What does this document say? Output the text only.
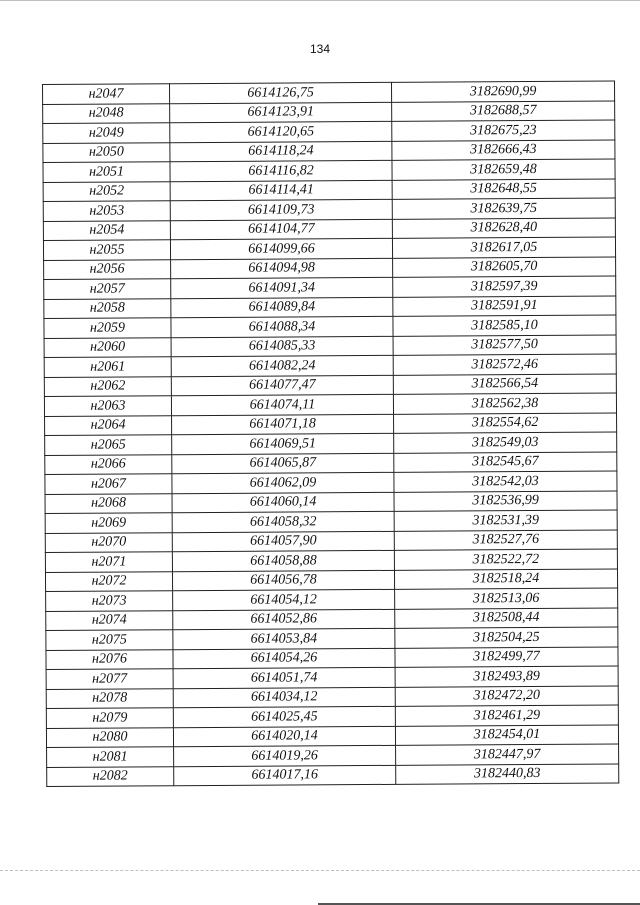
134
н2047	6614126,75	3182690,99
н2048	6614123,91	3182688,57
н2049	6614120,65	3182675,23
н2050	6614118,24	3182666,43
н2051	6614116,82	3182659,48
н2052	6614114,41	3182648,55
н2053	6614109,73	3182639,75
н2054	6614104,77	3182628,40
н2055	6614099,66	3182617,05
н2056	6614094,98	3182605,70
н2057	6614091,34	3182597,39
н2058	6614089,84	3182591,91
н2059	6614088,34	3182585,10
н2060	6614085,33	3182577,50
н2061	6614082,24	3182572,46
н2062	6614077,47	3182566,54
н2063	6614074,11	3182562,38
н2064	6614071,18	3182554,62
н2065	6614069,51	3182549,03
н2066	6614065,87	3182545,67
н2067	6614062,09	3182542,03
н2068	6614060,14	3182536,99
н2069	6614058,32	3182531,39
н2070	6614057,90	3182527,76
н2071	6614058,88	3182522,72
н2072	6614056,78	3182518,24
н2073	6614054,12	3182513,06
н2074	6614052,86	3182508,44
н2075	6614053,84	3182504,25
н2076	6614054,26	3182499,77
н2077	6614051,74	3182493,89
н2078	6614034,12	3182472,20
н2079	6614025,45	3182461,29
н2080	6614020,14	3182454,01
н2081	6614019,26	3182447,97
н2082	6614017,16	3182440,83
